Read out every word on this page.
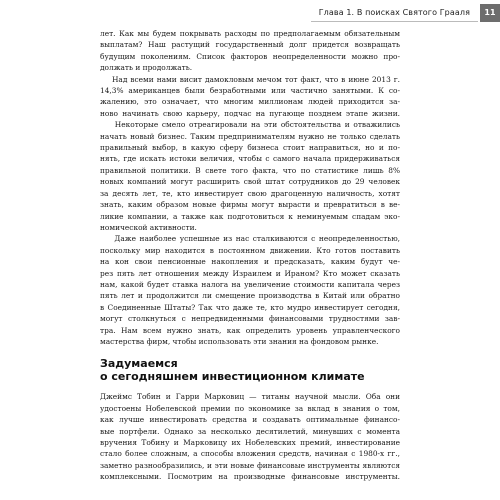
Глава 1. В поисках Святого Грааля	11

лет. Как мы будем покрывать расходы по предполагаемым обязательным
выплатам? Наш растущий государственный долг придется возвращать
будущим поколениям. Список факторов неопределенности можно про-
должать и продолжать.

Над всеми нами висит дамокловым мечом тот факт, что в июне 2013 г.
14,3% американцев были безработными или частично занятыми. К со-
жалению, это означает, что многим миллионам людей приходится за-
ново начинать свою карьеру, подчас на пугающе позднем этапе жизни.

Некоторые смело отреагировали на эти обстоятельства и отважились
начать новый бизнес. Таким предпринимателям нужно не только сделать
правильный выбор, в какую сферу бизнеса стоит направиться, но и по-
нять, где искать истоки величия, чтобы с самого начала придерживаться
правильной политики. В свете того факта, что по статистике лишь 8%
новых компаний могут расширить свой штат сотрудников до 29 человек
за десять лет, те, кто инвестирует свою драгоценную наличность, хотят
знать, каким образом новые фирмы могут вырасти и превратиться в ве-
ликие компании, а также как подготовиться к неминуемым спадам эко-
номической активности.

Даже наиболее успешные из нас сталкиваются с неопределенностью,
поскольку мир находится в постоянном движении. Кто готов поставить
на кон свои пенсионные накопления и предсказать, каким будут че-
рез пять лет отношения между Израилем и Ираном? Кто может сказать
нам, какой будет ставка налога на увеличение стоимости капитала через
пять лет и продолжится ли смещение производства в Китай или обратно
в Соединенные Штаты? Так что даже те, кто мудро инвестирует сегодня,
могут столкнуться с непредвиденными финансовыми трудностями зав-
тра. Нам всем нужно знать, как определить уровень управленческого
мастерства фирм, чтобы использовать эти знания на фондовом рынке.

Задумаемся
о сегодняшнем инвестиционном климате

Джеймс Тобин и Гарри Марковиц — титаны научной мысли. Оба они
удостоены Нобелевской премии по экономике за вклад в знания о том,
как лучше инвестировать средства и создавать оптимальные финансо-
вые портфели. Однако за несколько десятилетий, минувших с момента
вручения Тобину и Марковицу их Нобелевских премий, инвестирование
стало более сложным, а способы вложения средств, начиная с 1980-х гг.,
заметно разнообразились, и эти новые финансовые инструменты являются
комплексными. Посмотрим на производные финансовые инструменты.
